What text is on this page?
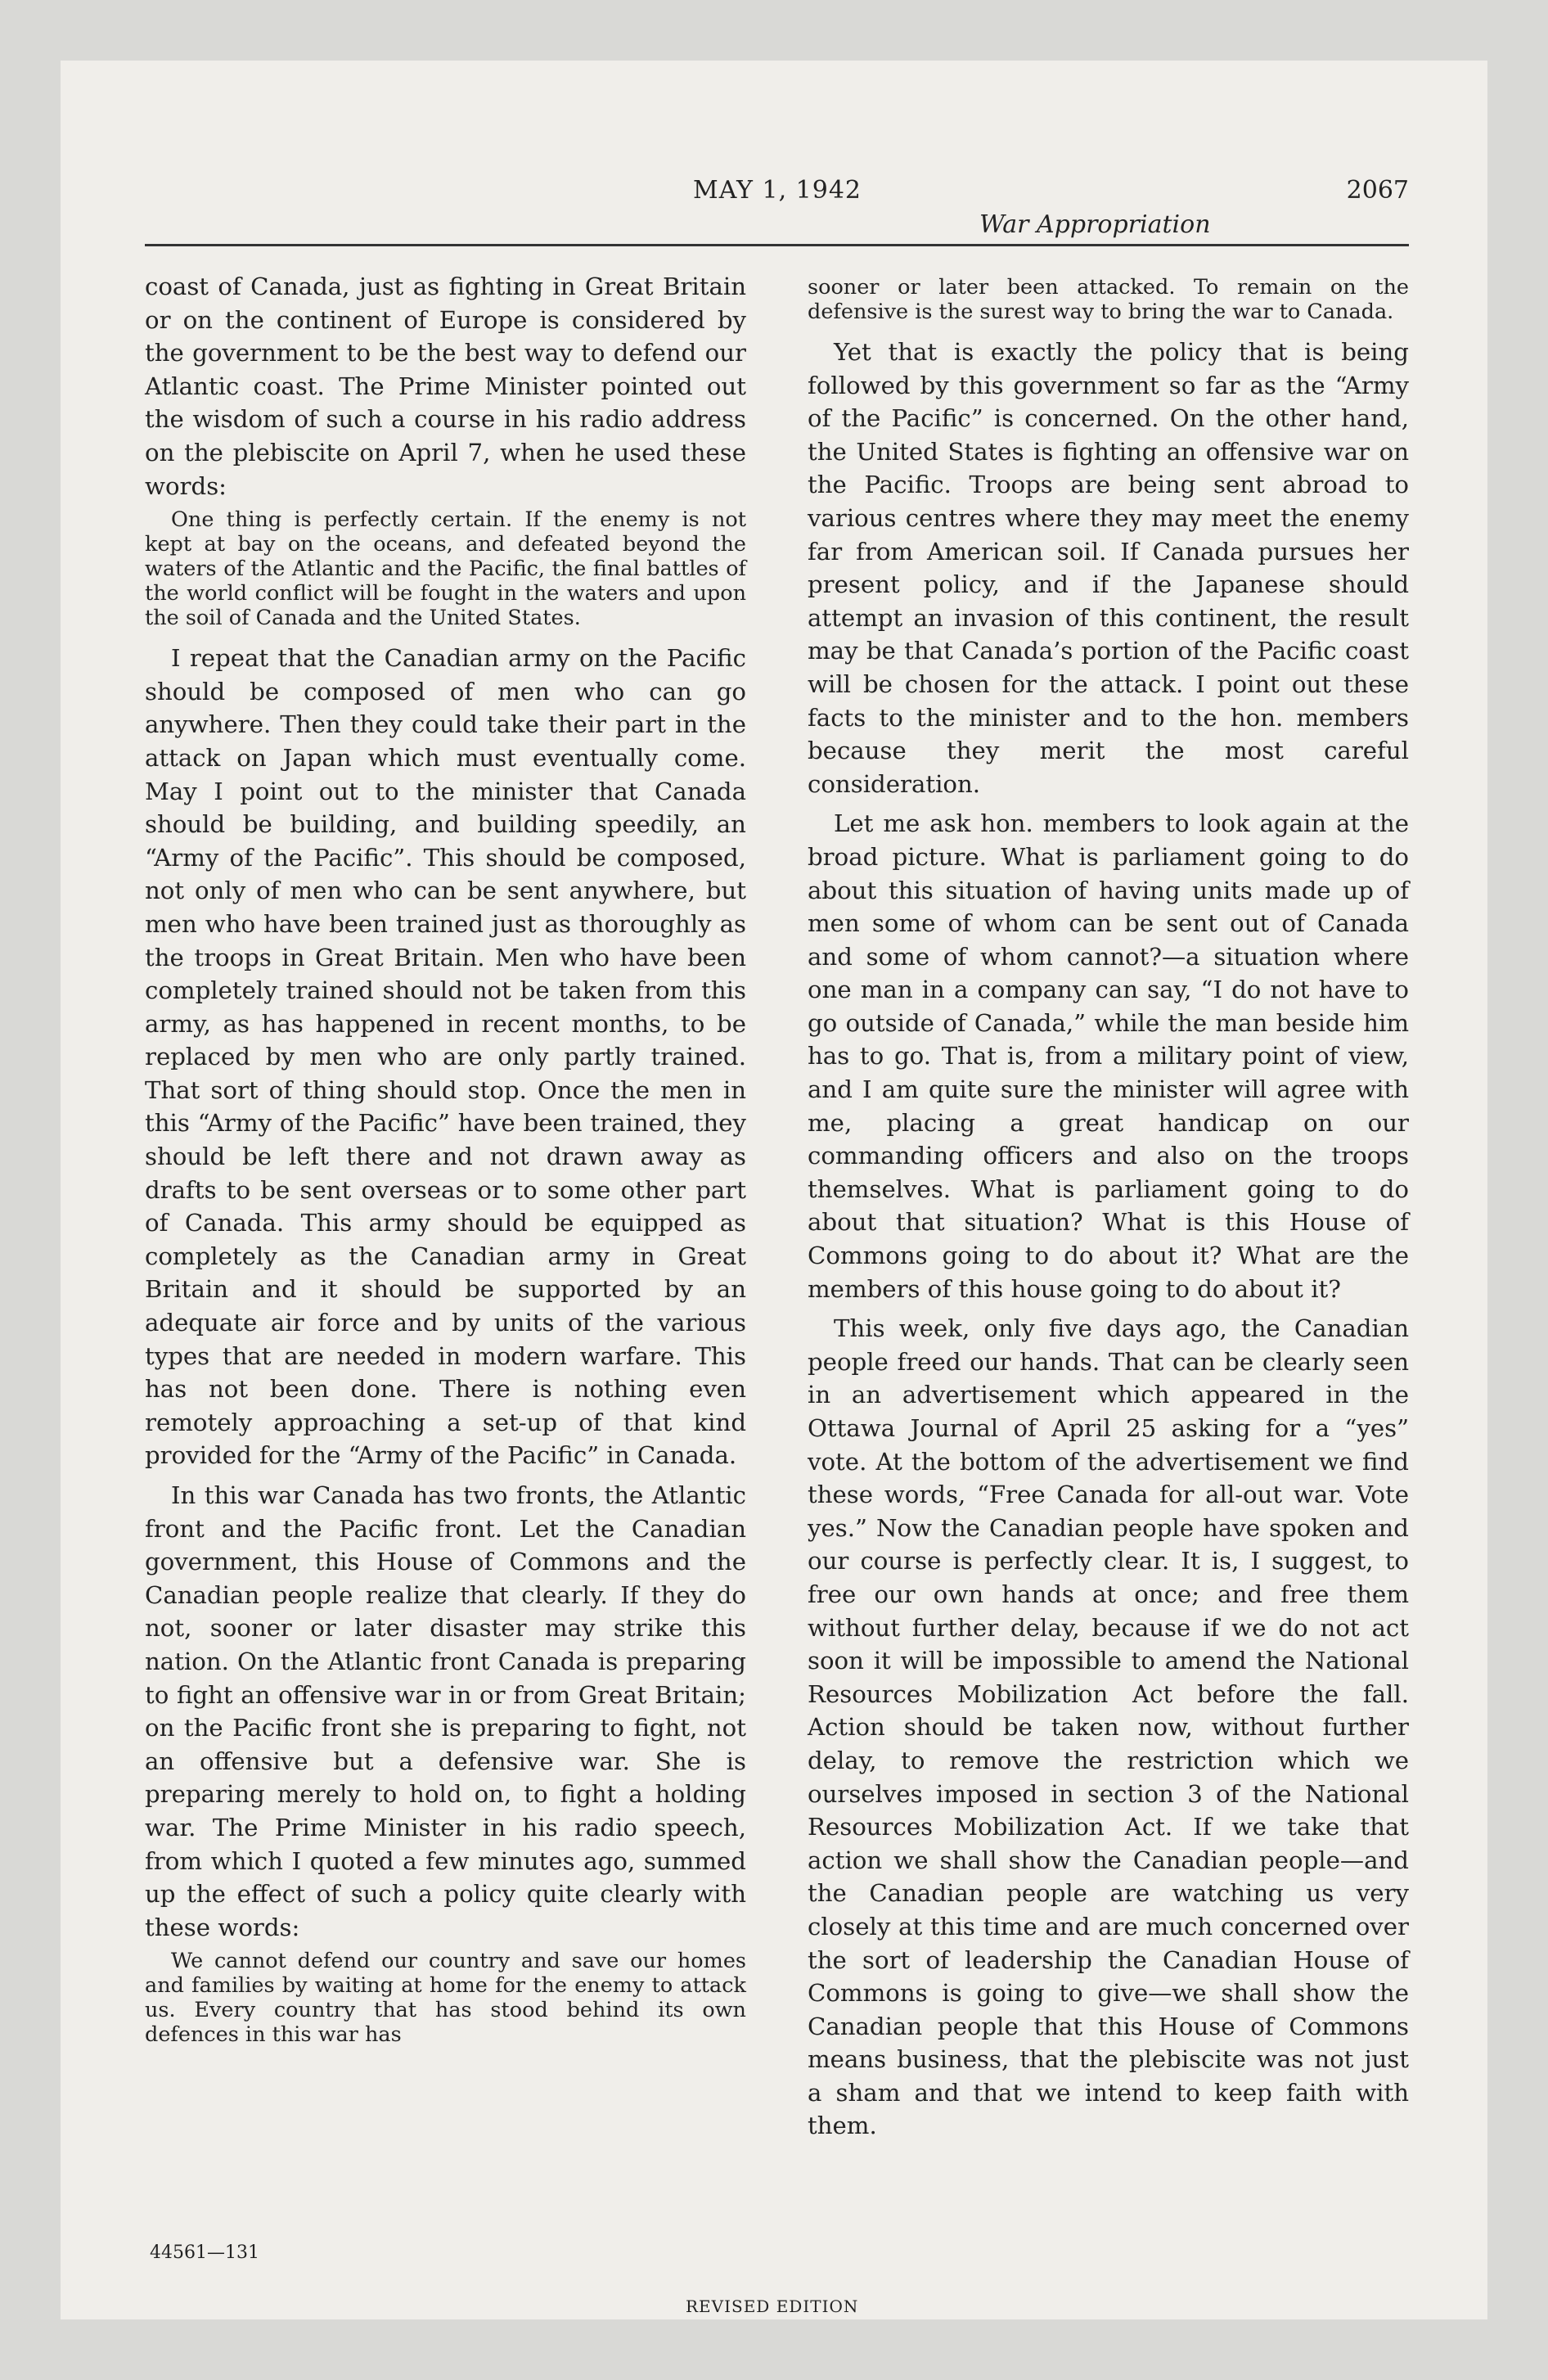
MAY 1, 1942	2067
War Appropriation

coast of Canada, just as fighting in Great Britain or on the continent of Europe is considered by the government to be the best way to defend our Atlantic coast. The Prime Minister pointed out the wisdom of such a course in his radio address on the plebiscite on April 7, when he used these words:

One thing is perfectly certain. If the enemy is not kept at bay on the oceans, and defeated beyond the waters of the Atlantic and the Pacific, the final battles of the world conflict will be fought in the waters and upon the soil of Canada and the United States.

I repeat that the Canadian army on the Pacific should be composed of men who can go anywhere. Then they could take their part in the attack on Japan which must eventually come. May I point out to the minister that Canada should be building, and building speedily, an “Army of the Pacific”. This should be composed, not only of men who can be sent anywhere, but men who have been trained just as thoroughly as the troops in Great Britain. Men who have been completely trained should not be taken from this army, as has happened in recent months, to be replaced by men who are only partly trained. That sort of thing should stop. Once the men in this “Army of the Pacific” have been trained, they should be left there and not drawn away as drafts to be sent overseas or to some other part of Canada. This army should be equipped as completely as the Canadian army in Great Britain and it should be supported by an adequate air force and by units of the various types that are needed in modern warfare. This has not been done. There is nothing even remotely approaching a set-up of that kind provided for the “Army of the Pacific” in Canada.

In this war Canada has two fronts, the Atlantic front and the Pacific front. Let the Canadian government, this House of Commons and the Canadian people realize that clearly. If they do not, sooner or later disaster may strike this nation. On the Atlantic front Canada is preparing to fight an offensive war in or from Great Britain; on the Pacific front she is preparing to fight, not an offensive but a defensive war. She is preparing merely to hold on, to fight a holding war. The Prime Minister in his radio speech, from which I quoted a few minutes ago, summed up the effect of such a policy quite clearly with these words:

We cannot defend our country and save our homes and families by waiting at home for the enemy to attack us. Every country that has stood behind its own defences in this war has

sooner or later been attacked. To remain on the defensive is the surest way to bring the war to Canada.

Yet that is exactly the policy that is being followed by this government so far as the “Army of the Pacific” is concerned. On the other hand, the United States is fighting an offensive war on the Pacific. Troops are being sent abroad to various centres where they may meet the enemy far from American soil. If Canada pursues her present policy, and if the Japanese should attempt an invasion of this continent, the result may be that Canada’s portion of the Pacific coast will be chosen for the attack. I point out these facts to the minister and to the hon. members because they merit the most careful consideration.

Let me ask hon. members to look again at the broad picture. What is parliament going to do about this situation of having units made up of men some of whom can be sent out of Canada and some of whom cannot?—a situation where one man in a company can say, “I do not have to go outside of Canada,” while the man beside him has to go. That is, from a military point of view, and I am quite sure the minister will agree with me, placing a great handicap on our commanding officers and also on the troops themselves. What is parliament going to do about that situation? What is this House of Commons going to do about it? What are the members of this house going to do about it?

This week, only five days ago, the Canadian people freed our hands. That can be clearly seen in an advertisement which appeared in the Ottawa Journal of April 25 asking for a “yes” vote. At the bottom of the advertisement we find these words, “Free Canada for all-out war. Vote yes.” Now the Canadian people have spoken and our course is perfectly clear. It is, I suggest, to free our own hands at once; and free them without further delay, because if we do not act soon it will be impossible to amend the National Resources Mobilization Act before the fall. Action should be taken now, without further delay, to remove the restriction which we ourselves imposed in section 3 of the National Resources Mobilization Act. If we take that action we shall show the Canadian people—and the Canadian people are watching us very closely at this time and are much concerned over the sort of leadership the Canadian House of Commons is going to give—we shall show the Canadian people that this House of Commons means business, that the plebiscite was not just a sham and that we intend to keep faith with them.

44561—131
REVISED EDITION
